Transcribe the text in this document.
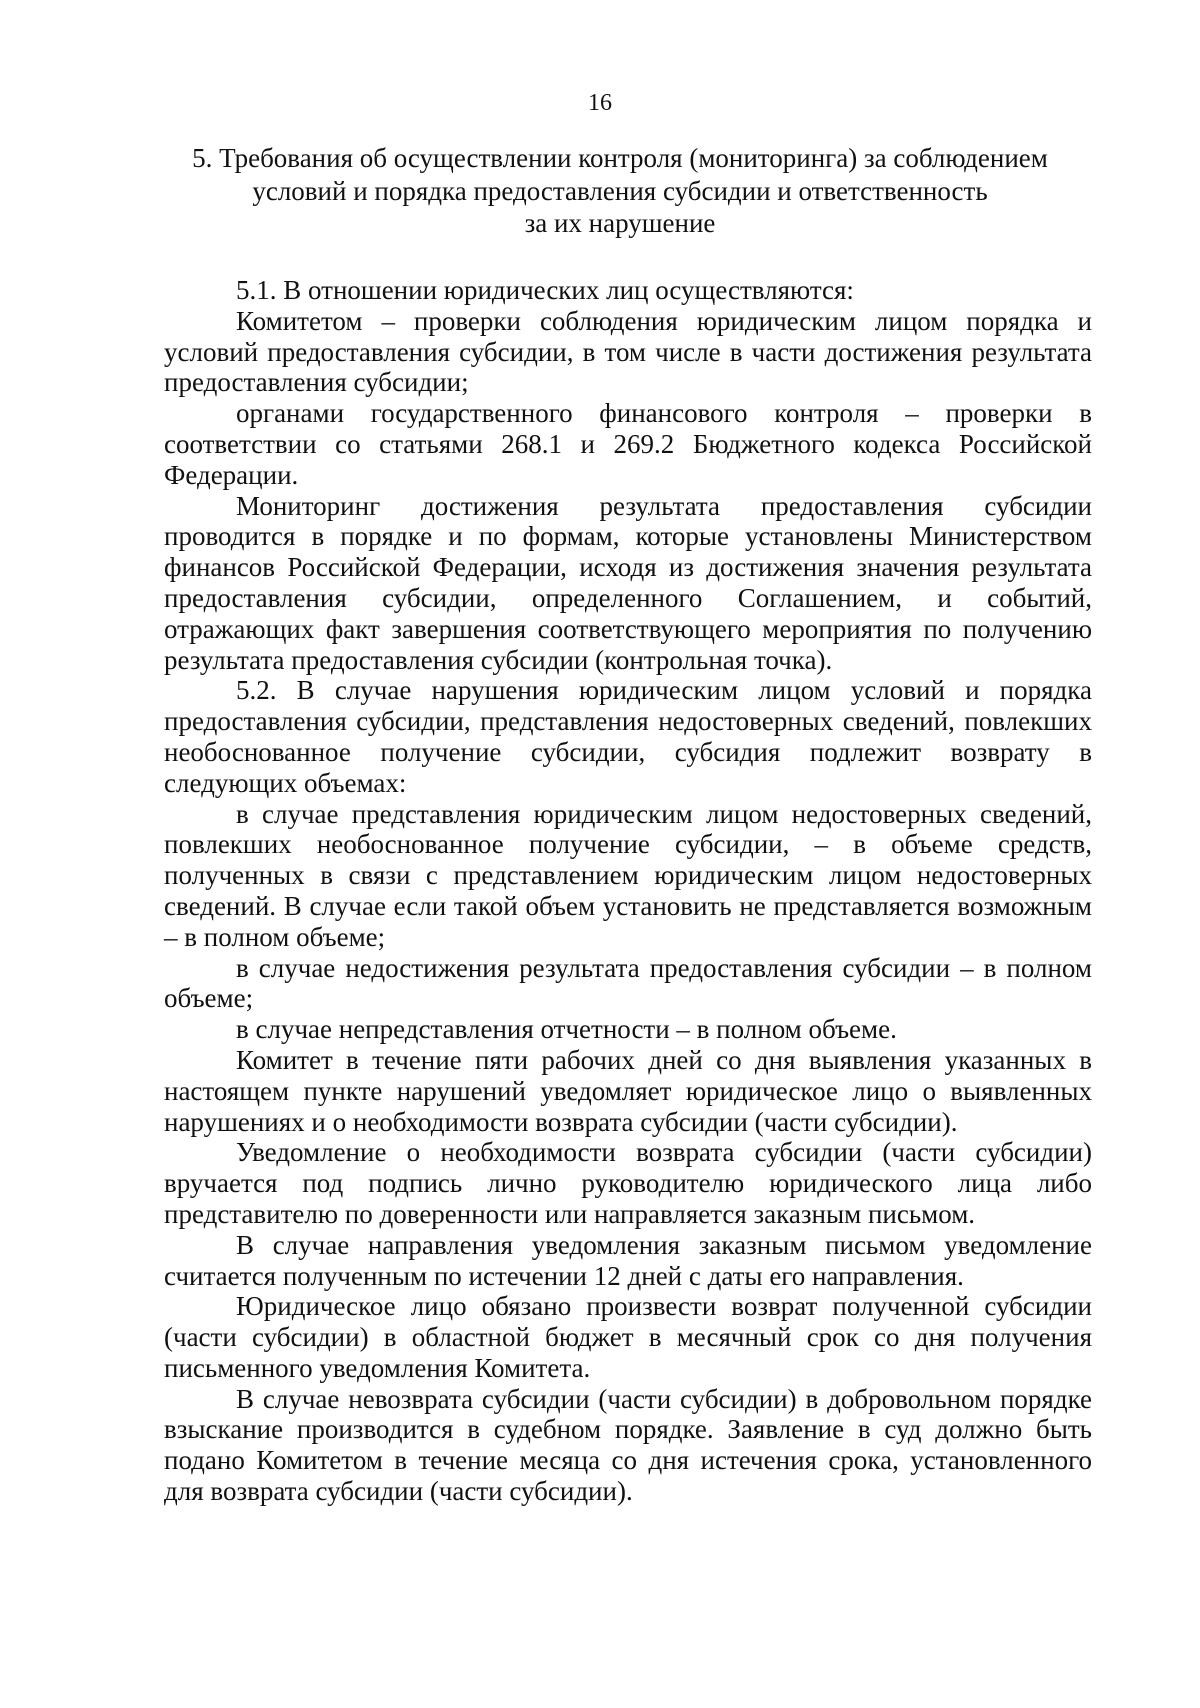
16
5. Требования об осуществлении контроля (мониторинга) за соблюдением
условий и порядка предоставления субсидии и ответственность
за их нарушение

5.1. В отношении юридических лиц осуществляются:

Комитетом – проверки соблюдения юридическим лицом порядка и условий предоставления субсидии, в том числе в части достижения результата предоставления субсидии;

органами государственного финансового контроля – проверки в соответствии со статьями 268.1 и 269.2 Бюджетного кодекса Российской Федерации.

Мониторинг достижения результата предоставления субсидии проводится в порядке и по формам, которые установлены Министерством финансов Российской Федерации, исходя из достижения значения результата предоставления субсидии, определенного Соглашением, и событий, отражающих факт завершения соответствующего мероприятия по получению результата предоставления субсидии (контрольная точка).

5.2. В случае нарушения юридическим лицом условий и порядка предоставления субсидии, представления недостоверных сведений, повлекших необоснованное получение субсидии, субсидия подлежит возврату в следующих объемах:

в случае представления юридическим лицом недостоверных сведений, повлекших необоснованное получение субсидии, – в объеме средств, полученных в связи с представлением юридическим лицом недостоверных сведений. В случае если такой объем установить не представляется возможным – в полном объеме;

в случае недостижения результата предоставления субсидии – в полном объеме;

в случае непредставления отчетности – в полном объеме.

Комитет в течение пяти рабочих дней со дня выявления указанных в настоящем пункте нарушений уведомляет юридическое лицо о выявленных нарушениях и о необходимости возврата субсидии (части субсидии).

Уведомление о необходимости возврата субсидии (части субсидии) вручается под подпись лично руководителю юридического лица либо представителю по доверенности или направляется заказным письмом.

В случае направления уведомления заказным письмом уведомление считается полученным по истечении 12 дней с даты его направления.

Юридическое лицо обязано произвести возврат полученной субсидии (части субсидии) в областной бюджет в месячный срок со дня получения письменного уведомления Комитета.

В случае невозврата субсидии (части субсидии) в добровольном порядке взыскание производится в судебном порядке. Заявление в суд должно быть подано Комитетом в течение месяца со дня истечения срока, установленного для возврата субсидии (части субсидии).
